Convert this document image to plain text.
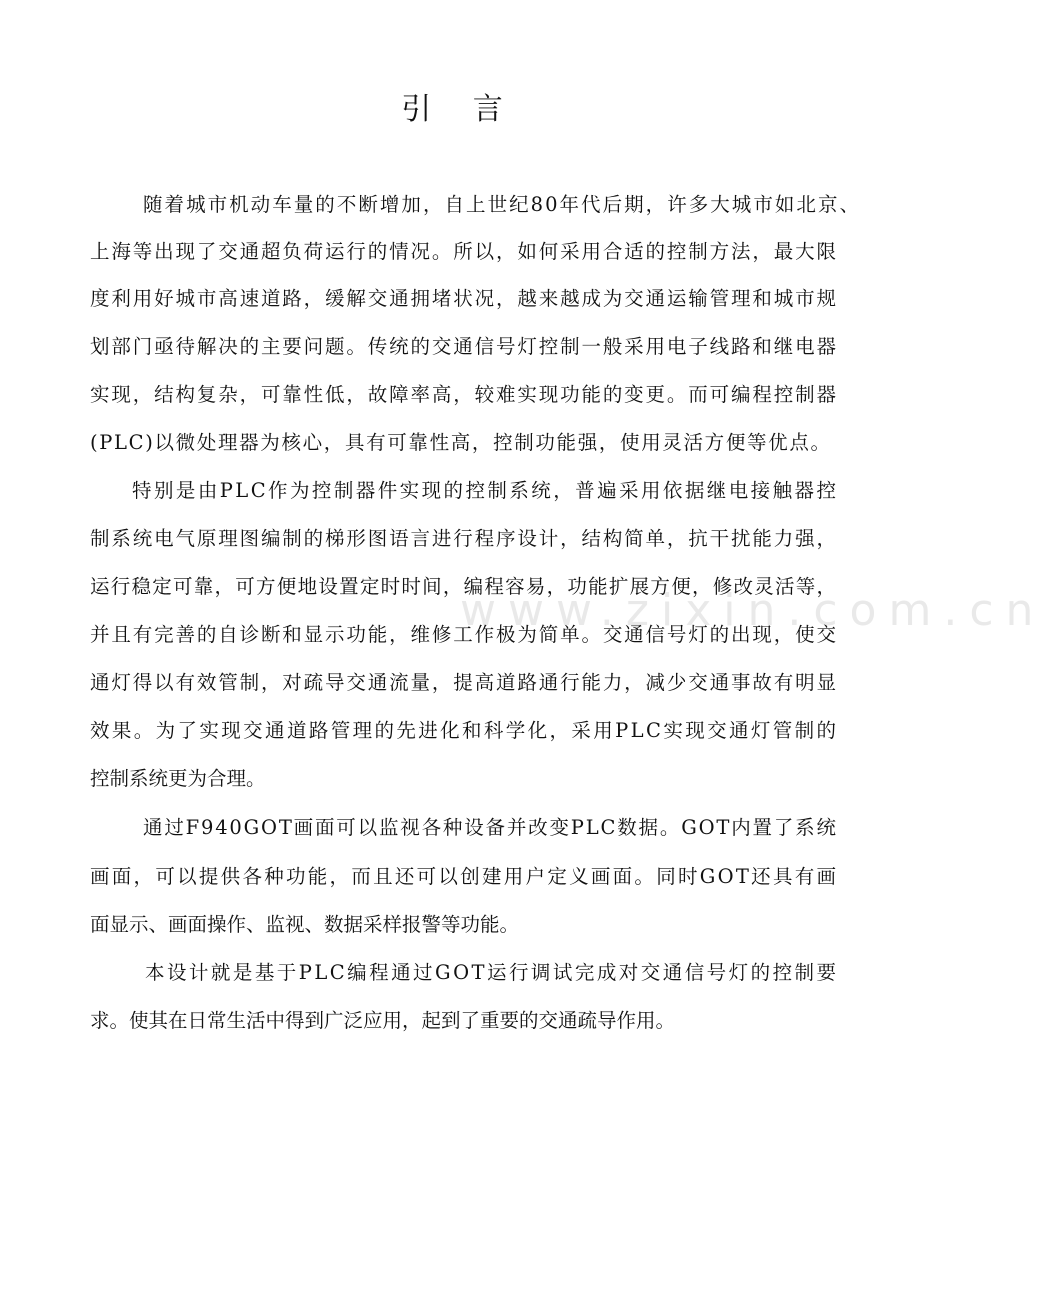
引 言
www.zixin.com.cn
随着城市机动车量的不断增加，自上世纪80年代后期，许多大城市如北京、
上海等出现了交通超负荷运行的情况。所以，如何采用合适的控制方法，最大限
度利用好城市高速道路，缓解交通拥堵状况，越来越成为交通运输管理和城市规
划部门亟待解决的主要问题。传统的交通信号灯控制一般采用电子线路和继电器
实现，结构复杂，可靠性低，故障率高，较难实现功能的变更。而可编程控制器
(PLC)以微处理器为核心，具有可靠性高，控制功能强，使用灵活方便等优点。
特别是由PLC作为控制器件实现的控制系统，普遍采用依据继电接触器控
制系统电气原理图编制的梯形图语言进行程序设计，结构简单，抗干扰能力强，
运行稳定可靠，可方便地设置定时时间，编程容易，功能扩展方便，修改灵活等，
并且有完善的自诊断和显示功能，维修工作极为简单。交通信号灯的出现，使交
通灯得以有效管制，对疏导交通流量，提高道路通行能力，减少交通事故有明显
效果。为了实现交通道路管理的先进化和科学化，采用PLC实现交通灯管制的
控制系统更为合理。
通过F940GOT画面可以监视各种设备并改变PLC数据。GOT内置了系统
画面，可以提供各种功能，而且还可以创建用户定义画面。同时GOT还具有画
面显示、画面操作、监视、数据采样报警等功能。
本设计就是基于PLC编程通过GOT运行调试完成对交通信号灯的控制要
求。使其在日常生活中得到广泛应用，起到了重要的交通疏导作用。
